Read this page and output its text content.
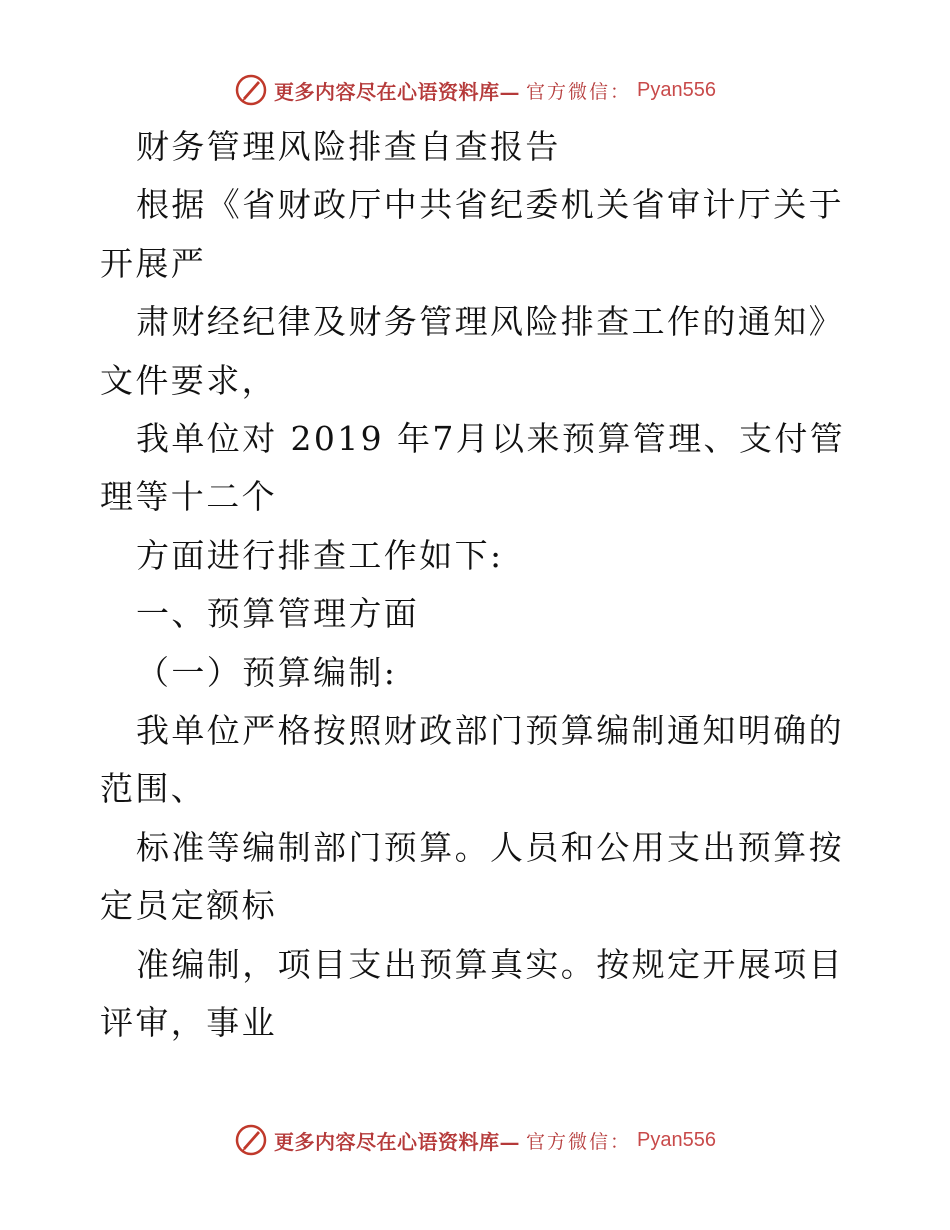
更多内容尽在心语资料库— 官方微信： Pyan556

财务管理风险排查自查报告

根据《省财政厅中共省纪委机关省审计厅关于开展严

肃财经纪律及财务管理风险排查工作的通知》文件要求，

我单位对 2019 年7月以来预算管理、支付管理等十二个

方面进行排查工作如下:

一、预算管理方面

（一）预算编制:

我单位严格按照财政部门预算编制通知明确的范围、

标准等编制部门预算。人员和公用支出预算按定员定额标

准编制，项目支出预算真实。按规定开展项目评审，事业

更多内容尽在心语资料库— 官方微信： Pyan556
